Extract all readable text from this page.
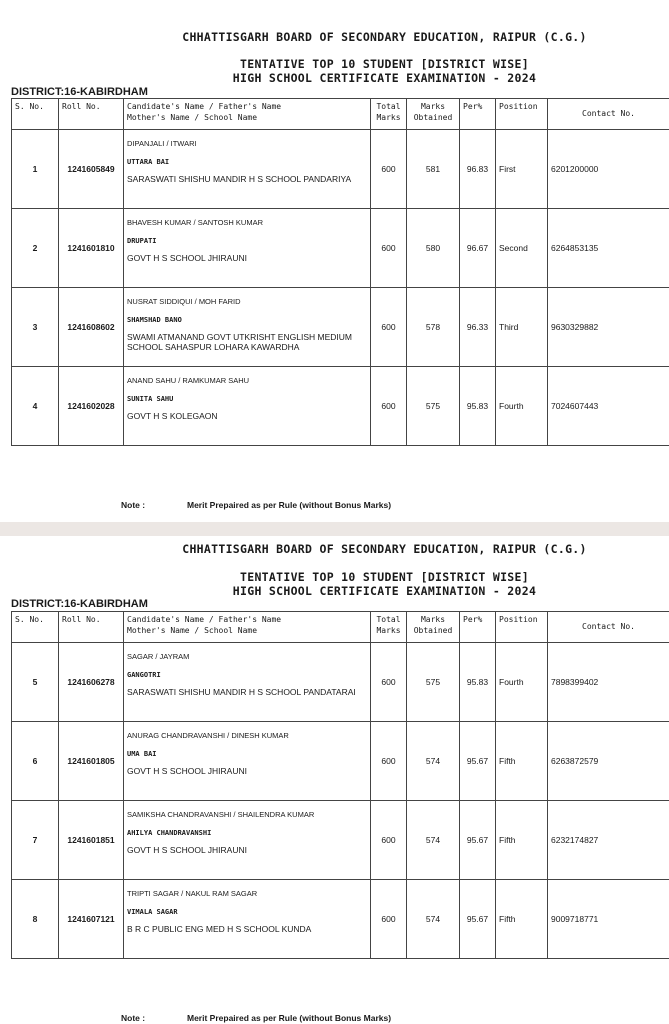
CHHATTISGARH BOARD OF SECONDARY EDUCATION, RAIPUR (C.G.)
TENTATIVE TOP 10 STUDENT [DISTRICT WISE]
HIGH SCHOOL CERTIFICATE EXAMINATION - 2024
DISTRICT:16-KABIRDHAM
S. No.	Roll No.	Candidate's Name / Father's Name
Mother's Name / School Name	Total
Marks	Marks
Obtained	Per%	Position	Contact No.
1	1241605849	DIPANJALI / ITWARI
UTTARA BAI
SARASWATI SHISHU MANDIR H S SCHOOL PANDARIYA	600	581	96.83	First	6201200000
2	1241601810	BHAVESH KUMAR / SANTOSH KUMAR
DRUPATI
GOVT H S SCHOOL JHIRAUNI	600	580	96.67	Second	6264853135
3	1241608602	NUSRAT SIDDIQUI / MOH FARID
SHAMSHAD BANO
SWAMI ATMANAND GOVT UTKRISHT ENGLISH MEDIUM SCHOOL SAHASPUR LOHARA KAWARDHA	600	578	96.33	Third	9630329882
4	1241602028	ANAND SAHU / RAMKUMAR SAHU
SUNITA SAHU
GOVT H S KOLEGAON	600	575	95.83	Fourth	7024607443
Note :	Merit Prepaired as per Rule (without Bonus Marks)
CHHATTISGARH BOARD OF SECONDARY EDUCATION, RAIPUR (C.G.)
TENTATIVE TOP 10 STUDENT [DISTRICT WISE]
HIGH SCHOOL CERTIFICATE EXAMINATION - 2024
DISTRICT:16-KABIRDHAM
S. No.	Roll No.	Candidate's Name / Father's Name
Mother's Name / School Name	Total
Marks	Marks
Obtained	Per%	Position	Contact No.
5	1241606278	SAGAR / JAYRAM
GANGOTRI
SARASWATI SHISHU MANDIR H S SCHOOL PANDATARAI	600	575	95.83	Fourth	7898399402
6	1241601805	ANURAG CHANDRAVANSHI / DINESH KUMAR
UMA BAI
GOVT H S SCHOOL JHIRAUNI	600	574	95.67	Fifth	6263872579
7	1241601851	SAMIKSHA CHANDRAVANSHI / SHAILENDRA KUMAR
AHILYA CHANDRAVANSHI
GOVT H S SCHOOL JHIRAUNI	600	574	95.67	Fifth	6232174827
8	1241607121	TRIPTI SAGAR / NAKUL RAM SAGAR
VIMALA SAGAR
B R C PUBLIC ENG MED H S SCHOOL KUNDA	600	574	95.67	Fifth	9009718771
Note :	Merit Prepaired as per Rule (without Bonus Marks)
